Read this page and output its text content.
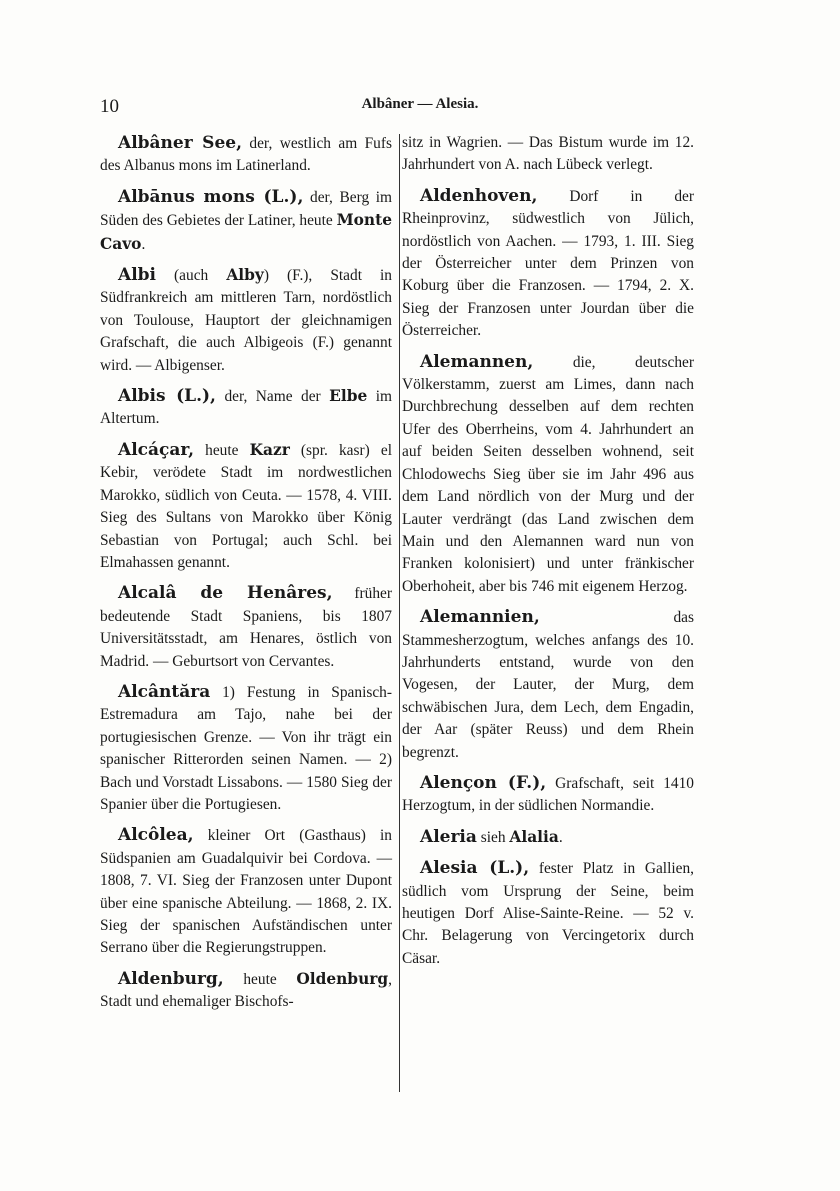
10	Albâner — Alesia.

Albâner See, der, westlich am Fufs des Albanus mons im Latinerland.

Albānus mons (L.), der, Berg im Süden des Gebietes der Latiner, heute Monte Cavo.

Albi (auch Alby) (F.), Stadt in Südfrankreich am mittleren Tarn, nordöstlich von Toulouse, Hauptort der gleichnamigen Grafschaft, die auch Albigeois (F.) genannt wird. — Albigenser.

Albis (L.), der, Name der Elbe im Altertum.

Alcáçar, heute Kazr (spr. kasr) el Kebir, verödete Stadt im nordwestlichen Marokko, südlich von Ceuta. — 1578, 4. VIII. Sieg des Sultans von Marokko über König Sebastian von Portugal; auch Schl. bei Elmahassen genannt.

Alcalâ de Henâres, früher bedeutende Stadt Spaniens, bis 1807 Universitätsstadt, am Henares, östlich von Madrid. — Geburtsort von Cervantes.

Alcântăra 1) Festung in Spanisch-Estremadura am Tajo, nahe bei der portugiesischen Grenze. — Von ihr trägt ein spanischer Ritterorden seinen Namen. — 2) Bach und Vorstadt Lissabons. — 1580 Sieg der Spanier über die Portugiesen.

Alcôlea, kleiner Ort (Gasthaus) in Südspanien am Guadalquivir bei Cordova. — 1808, 7. VI. Sieg der Franzosen unter Dupont über eine spanische Abteilung. — 1868, 2. IX. Sieg der spanischen Aufständischen unter Serrano über die Regierungstruppen.

Aldenburg, heute Oldenburg, Stadt und ehemaliger Bischofs-

sitz in Wagrien. — Das Bistum wurde im 12. Jahrhundert von A. nach Lübeck verlegt.

Aldenhoven, Dorf in der Rheinprovinz, südwestlich von Jülich, nordöstlich von Aachen. — 1793, 1. III. Sieg der Österreicher unter dem Prinzen von Koburg über die Franzosen. — 1794, 2. X. Sieg der Franzosen unter Jourdan über die Österreicher.

Alemannen, die, deutscher Völkerstamm, zuerst am Limes, dann nach Durchbrechung desselben auf dem rechten Ufer des Oberrheins, vom 4. Jahrhundert an auf beiden Seiten desselben wohnend, seit Chlodowechs Sieg über sie im Jahr 496 aus dem Land nördlich von der Murg und der Lauter verdrängt (das Land zwischen dem Main und den Alemannen ward nun von Franken kolonisiert) und unter fränkischer Oberhoheit, aber bis 746 mit eigenem Herzog.

Alemannien, das Stammesherzogtum, welches anfangs des 10. Jahrhunderts entstand, wurde von den Vogesen, der Lauter, der Murg, dem schwäbischen Jura, dem Lech, dem Engadin, der Aar (später Reuss) und dem Rhein begrenzt.

Alençon (F.), Grafschaft, seit 1410 Herzogtum, in der südlichen Normandie.

Aleria sieh Alalia.

Alesia (L.), fester Platz in Gallien, südlich vom Ursprung der Seine, beim heutigen Dorf Alise-Sainte-Reine. — 52 v. Chr. Belagerung von Vercingetorix durch Cäsar.
